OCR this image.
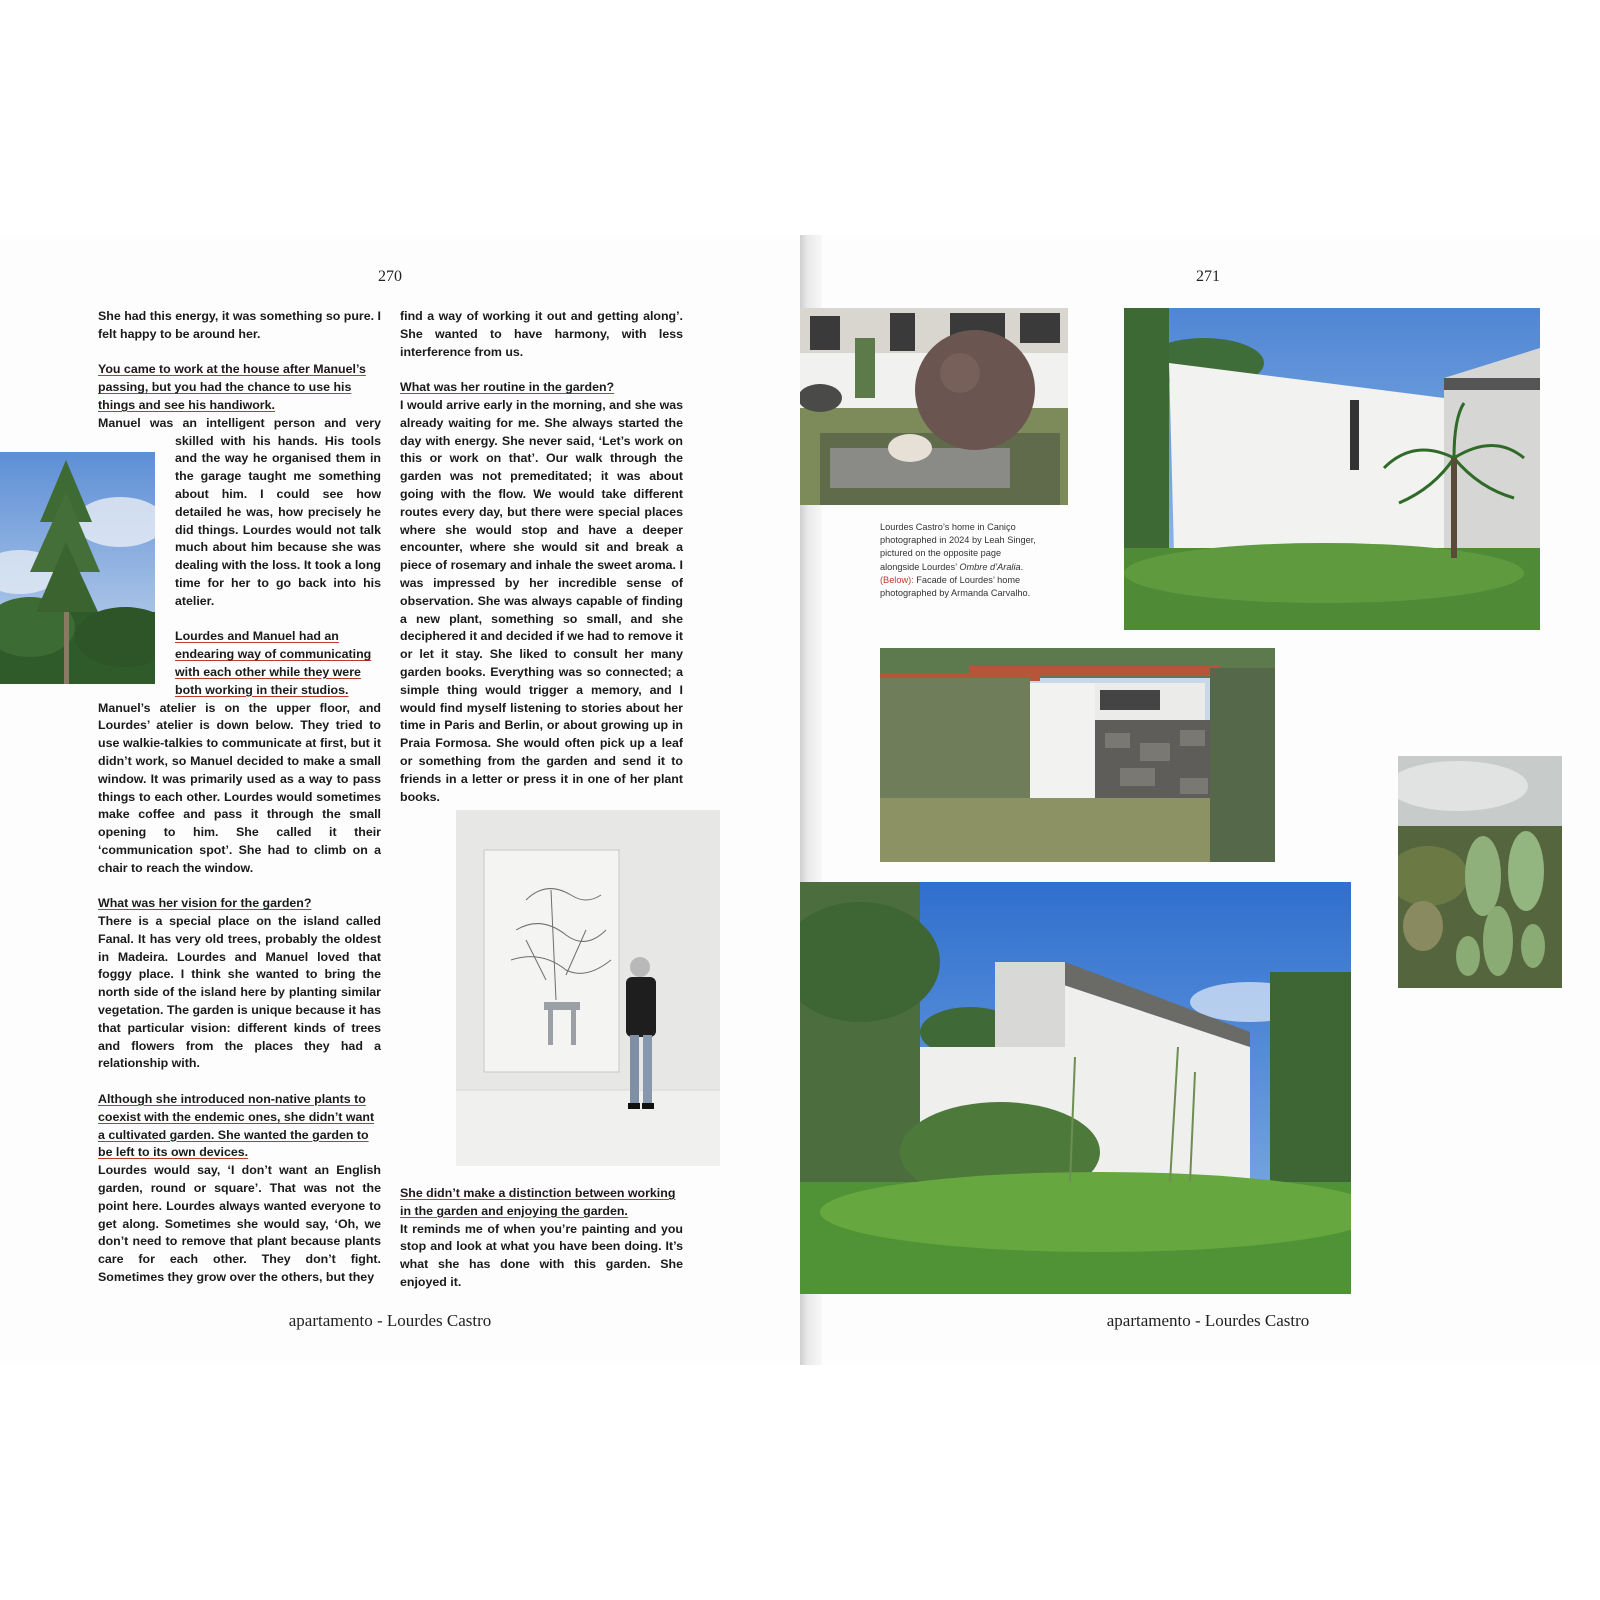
270

She had this energy, it was something so pure. I felt happy to be around her.

You came to work at the house after Manuel’s passing, but you had the chance to use his things and see his handiwork.

Manuel was an intelligent person and very

skilled with his hands. His tools and the way he organised them in the garage taught me something about him. I could see how detailed he was, how precisely he did things. Lourdes would not talk much about him because she was dealing with the loss. It took a long time for her to go back into his atelier.

Lourdes and Manuel had an endearing way of communicating with each other while they were both working in their studios.

Manuel’s atelier is on the upper floor, and Lourdes’ atelier is down below. They tried to use walkie-talkies to communicate at first, but it didn’t work, so Manuel decided to make a small window. It was primarily used as a way to pass things to each other. Lourdes would sometimes make coffee and pass it through the small opening to him. She called it their ‘communication spot’. She had to climb on a chair to reach the window.

What was her vision for the garden?

There is a special place on the island called Fanal. It has very old trees, probably the oldest in Madeira. Lourdes and Manuel loved that foggy place. I think she wanted to bring the north side of the island here by planting similar vegetation. The garden is unique because it has that particular vision: different kinds of trees and flowers from the places they had a relationship with.

Although she introduced non-native plants to coexist with the endemic ones, she didn’t want a cultivated garden. She wanted the garden to be left to its own devices.

Lourdes would say, ‘I don’t want an English garden, round or square’. That was not the point here. Lourdes always wanted everyone to get along. Sometimes she would say, ‘Oh, we don’t need to remove that plant because plants care for each other. They don’t fight. Sometimes they grow over the others, but they

find a way of working it out and getting along’. She wanted to have harmony, with less interference from us.

What was her routine in the garden?

I would arrive early in the morning, and she was already waiting for me. She always started the day with energy. She never said, ‘Let’s work on this or work on that’. Our walk through the garden was not premeditated; it was about going with the flow. We would take different routes every day, but there were special places where she would stop and have a deeper encounter, where she would sit and break a piece of rosemary and inhale the sweet aroma. I was impressed by her incredible sense of observation. She was always capable of finding a new plant, something so small, and she deciphered it and decided if we had to remove it or let it stay. She liked to consult her many garden books. Everything was so connected; a simple thing would trigger a memory, and I would find myself listening to stories about her time in Paris and Berlin, or about growing up in Praia Formosa. She would often pick up a leaf or something from the garden and send it to friends in a letter or press it in one of her plant books.

She didn’t make a distinction between working in the garden and enjoying the garden.

It reminds me of when you’re painting and you stop and look at what you have been doing. It’s what she has done with this garden. She enjoyed it.

apartamento - Lourdes Castro
271
Lourdes Castro’s home in Caniço photographed in 2024 by Leah Singer, pictured on the opposite page alongside Lourdes’ Ombre d’Aralia. (Below): Facade of Lourdes’ home photographed by Armanda Carvalho.
apartamento - Lourdes Castro
